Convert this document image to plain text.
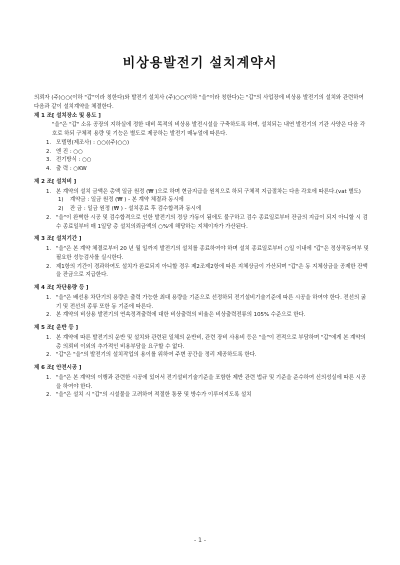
비상용발전기 설치계약서

의뢰자 (주)○○(이하 "갑"이라 칭한다)와 발전기 설치사 (주)○○(이하 "을"이라 칭한다)는 "갑"의 사업장에 비상용 발전기의 설치와 관련하여 다음과 같이 설치계약을 체결한다.

제 1 조[ 설치장소 및 용도 ]

"을"은 "갑" 소유 공장의 지하실에 정한 대비 목적의 비상용 발전시설을 구축하도록 하며, 설치되는 내연 발전기의 기관 사양은 다음 각호로 하되 구체적 용량 및 기능은 별도로 제공하는 발전기 매뉴얼에 따른다.

1. 모델명(제조사) : ○○((주)○○)
2. 엔 진 : ○○
3. 전기방식 : ○○
4. 출 력 : ○KW
제 2 조[ 설치비 ]
1. 본 계약의 설치 금액은 총액 일금 원정 (₩ )으로 하며 현금지급을 원칙으로 하되 구체적 지급절차는 다음 각호에 따른다.(vat 별도)
1)	계약금 : 일금 원정 (₩ ) - 본 계약 체결과 동시에
2)	잔 금 : 일금 원정 (₩ ) - 설치종료 후 검수합격과 동시에
2. "을"이 완벽한 시공 및 검수합격으로 인한 발전기의 정상 가동이 됨에도 불구하고 검수 종료일로부터 잔금의 지급이 되지 아니할 시 검수 종료일부터 매 1일당 총 설치의뢰금액의 ○%에 해당하는 지체이자가 가산된다.
제 3 조[ 설치기간 ]
1. "을"은 본 계약 체결로부터 20 년 월 일까지 발전기의 설치를 종료하여야 하며 설치 종료일로부터 ○일 이내에 "갑"은 정상작동여부 및 필요한 성능검사를 실시한다.
2. 제1항의 기간이 경과하여도 설치가 완료되지 아니할 경우 제2조제2항에 따른 지체상금이 가산되며 "갑"은 동 지체상금을 공제한 잔액을 잔금으로 지급한다.
제 4 조[ 차단용량 등 ]
1. "을"은 배선용 차단기의 용량은 출력 가능한 최대 용량을 기준으로 선정하되 전기설비기술기준에 따른 시공을 하여야 한다. 전선의 굵기 및 전선의 종류 또한 동 기준에 따른다.
2. 본 계약의 비상용 발전기의 연속정격출력에 대한 비상출력의 비율은 비상출력전류의 105% 수준으로 한다.
제 5 조[ 운반 등 ]
1. 본 계약에 따른 발전기의 운반 및 설치와 관련된 일체의 운반비, 관련 장비 사용비 등은 "을"이 전적으로 부담하며 "갑"에게 본 계약의 총 의뢰비 이외의 추가적인 비용부담을 요구할 수 없다.
2. "갑"은 "을"의 발전기의 설치작업의 용이를 위하여 주변 공간을 정리 제공하도록 한다.
제 6 조[ 안전시공 ]
1. "을"은 본 계약의 이행과 관련한 시공에 있어서 전기설비기술기준을 포함한 제반 관련 법규 및 기준을 준수하여 신의성실에 따른 시공을 하여야 한다.
2. "을"은 설치 시 "갑"의 시설물을 고려하여 적절한 통풍 및 방수가 이루어지도록 설치
- 1 -
